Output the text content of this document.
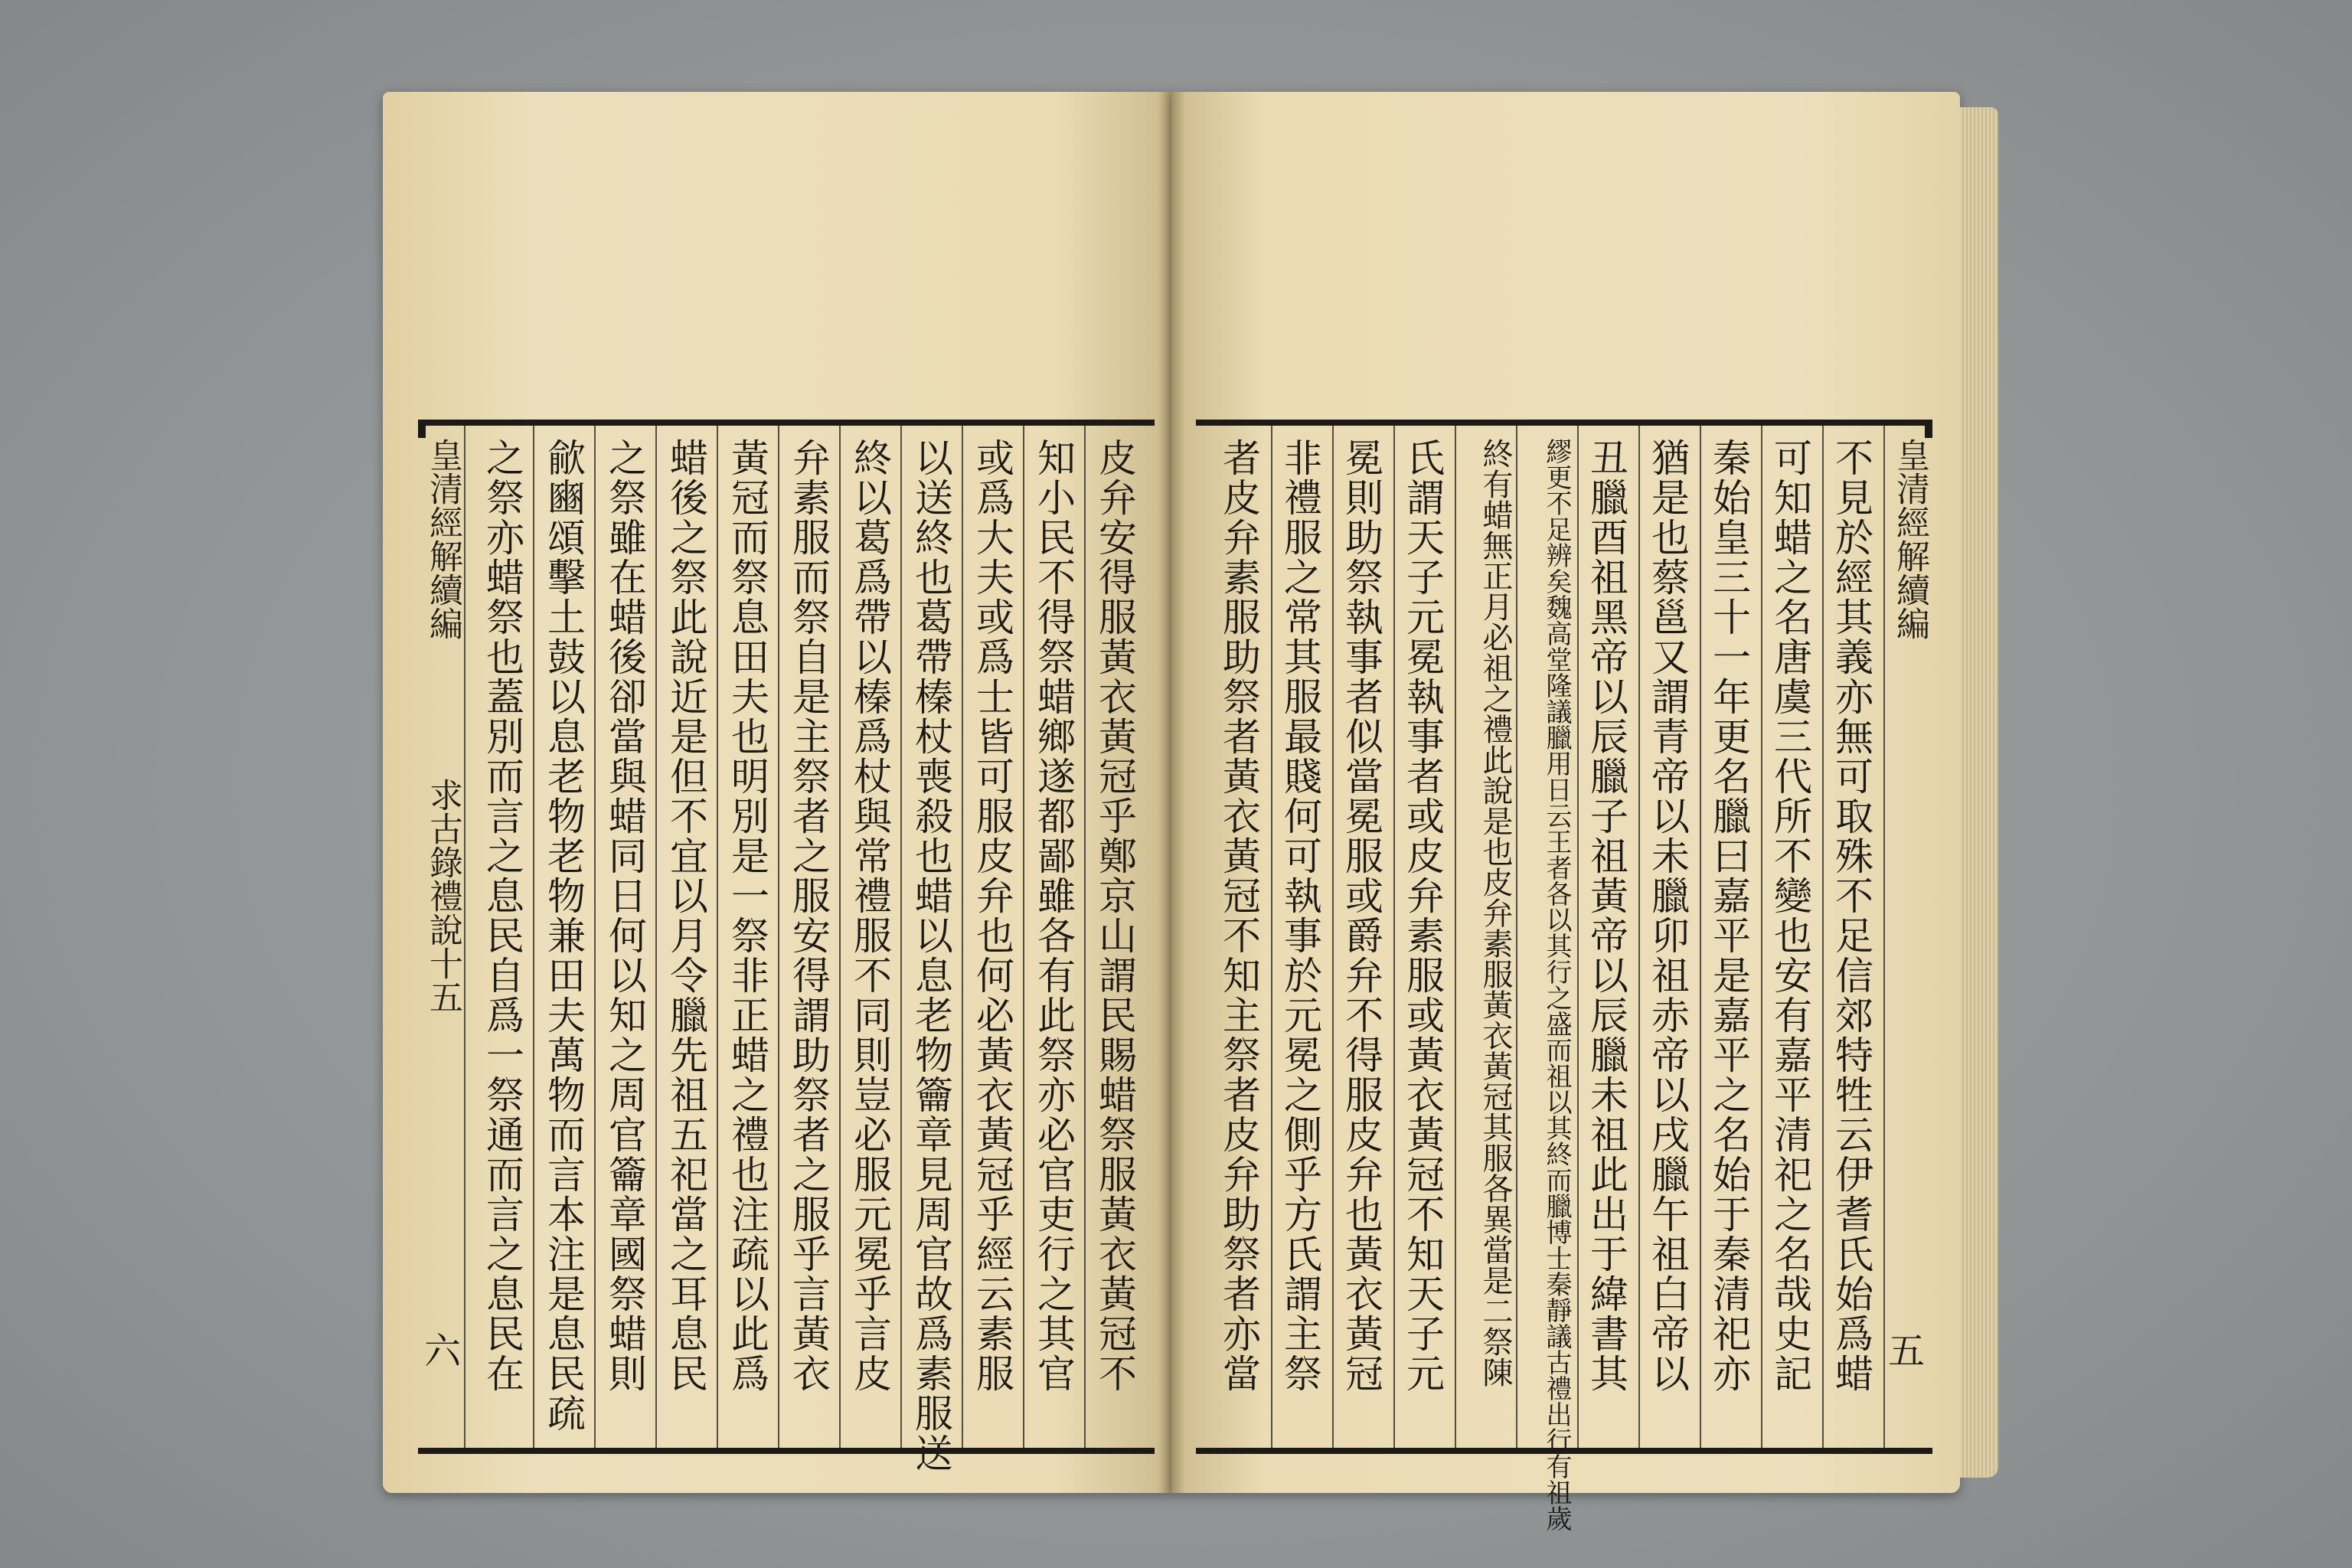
皇清經解續編
求古錄禮說十五
六	皮弁安得服黃衣黃冠乎鄭京山謂民賜蜡祭服黃衣黃冠不
知小民不得祭蜡鄉遂都鄙雖各有此祭亦必官吏行之其官
或爲大夫或爲士皆可服皮弁也何必黃衣黃冠乎經云素服
以送終也葛帶榛杖喪殺也蜡以息老物籥章見周官故爲素服送
終以葛爲帶以榛爲杖與常禮服不同則豈必服元冕乎言皮
弁素服而祭自是主祭者之服安得謂助祭者之服乎言黃衣
黃冠而祭息田夫也明別是一祭非正蜡之禮也注疏以此爲
蜡後之祭此說近是但不宜以月令臘先祖五祀當之耳息民
之祭雖在蜡後卻當與蜡同日何以知之周官籥章國祭蜡則
歈豳頌擊土鼓以息老物老物兼田夫萬物而言本注是息民疏
之祭亦蜡祭也蓋別而言之息民自爲一祭通而言之息民在	皇清經解續編
五
不見於經其義亦無可取殊不足信郊特牲云伊耆氏始爲蜡
可知蜡之名唐虞三代所不變也安有嘉平清祀之名哉史記
秦始皇三十一年更名臘曰嘉平是嘉平之名始于秦清祀亦
猶是也蔡邕又謂青帝以未臘卯祖赤帝以戌臘午祖白帝以
丑臘酉祖黑帝以辰臘子祖黃帝以辰臘未祖此出于緯書其
繆更不足辨矣魏高堂隆議臘用日云王者各以其行之盛而祖以其終而臘博士秦靜議古禮出行有祖歲
終有蜡無正月必祖之禮此說是也皮弁素服黃衣黃冠其服各異當是二祭陳
氏謂天子元冕執事者或皮弁素服或黃衣黃冠不知天子元
冕則助祭執事者似當冕服或爵弁不得服皮弁也黃衣黃冠
非禮服之常其服最賤何可執事於元冕之側乎方氏謂主祭
者皮弁素服助祭者黃衣黃冠不知主祭者皮弁助祭者亦當
